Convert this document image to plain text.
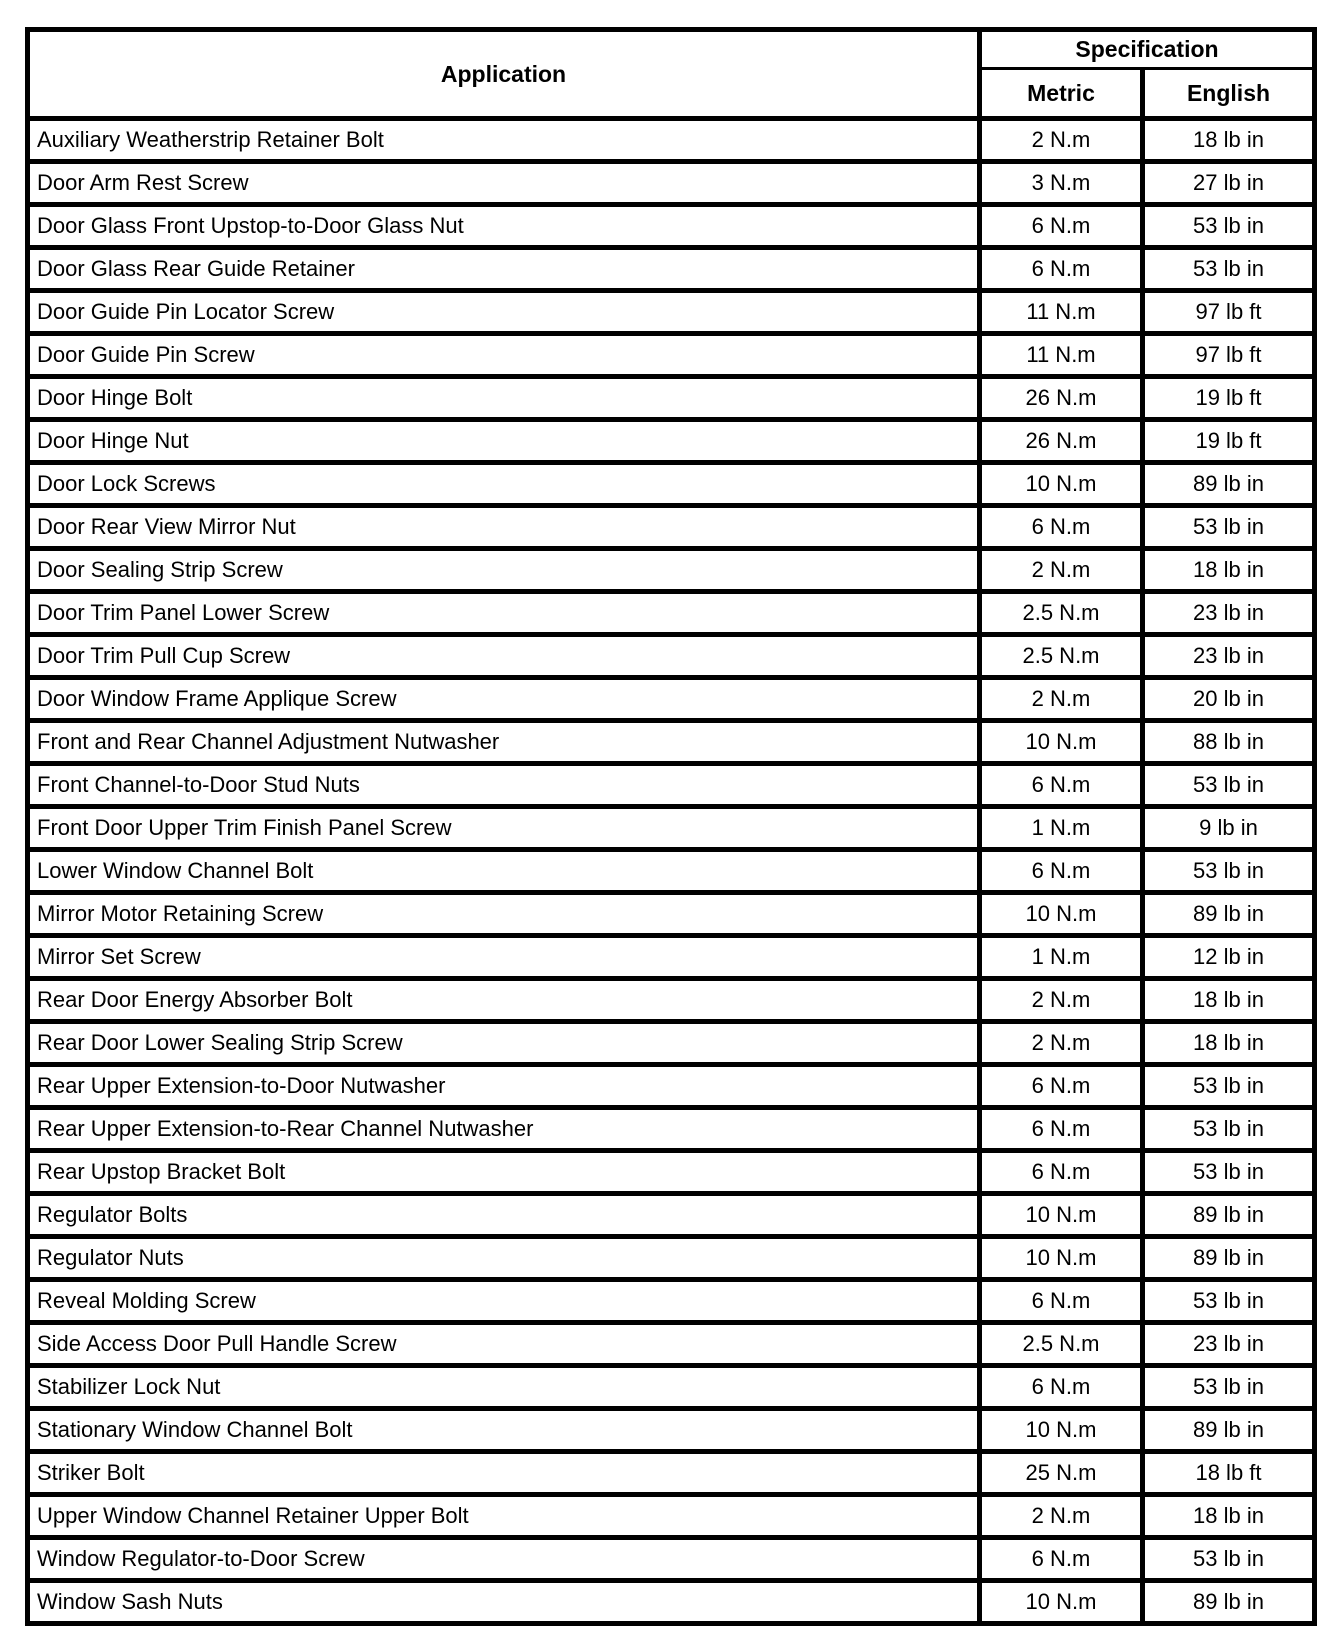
Application	Specification	
	Metric	English
Auxiliary Weatherstrip Retainer Bolt	2 N.m	18 lb in
Door Arm Rest Screw	3 N.m	27 lb in
Door Glass Front Upstop-to-Door Glass Nut	6 N.m	53 lb in
Door Glass Rear Guide Retainer	6 N.m	53 lb in
Door Guide Pin Locator Screw	11 N.m	97 lb ft
Door Guide Pin Screw	11 N.m	97 lb ft
Door Hinge Bolt	26 N.m	19 lb ft
Door Hinge Nut	26 N.m	19 lb ft
Door Lock Screws	10 N.m	89 lb in
Door Rear View Mirror Nut	6 N.m	53 lb in
Door Sealing Strip Screw	2 N.m	18 lb in
Door Trim Panel Lower Screw	2.5 N.m	23 lb in
Door Trim Pull Cup Screw	2.5 N.m	23 lb in
Door Window Frame Applique Screw	2 N.m	20 lb in
Front and Rear Channel Adjustment Nutwasher	10 N.m	88 lb in
Front Channel-to-Door Stud Nuts	6 N.m	53 lb in
Front Door Upper Trim Finish Panel Screw	1 N.m	9 lb in
Lower Window Channel Bolt	6 N.m	53 lb in
Mirror Motor Retaining Screw	10 N.m	89 lb in
Mirror Set Screw	1 N.m	12 lb in
Rear Door Energy Absorber Bolt	2 N.m	18 lb in
Rear Door Lower Sealing Strip Screw	2 N.m	18 lb in
Rear Upper Extension-to-Door Nutwasher	6 N.m	53 lb in
Rear Upper Extension-to-Rear Channel Nutwasher	6 N.m	53 lb in
Rear Upstop Bracket Bolt	6 N.m	53 lb in
Regulator Bolts	10 N.m	89 lb in
Regulator Nuts	10 N.m	89 lb in
Reveal Molding Screw	6 N.m	53 lb in
Side Access Door Pull Handle Screw	2.5 N.m	23 lb in
Stabilizer Lock Nut	6 N.m	53 lb in
Stationary Window Channel Bolt	10 N.m	89 lb in
Striker Bolt	25 N.m	18 lb ft
Upper Window Channel Retainer Upper Bolt	2 N.m	18 lb in
Window Regulator-to-Door Screw	6 N.m	53 lb in
Window Sash Nuts	10 N.m	89 lb in
